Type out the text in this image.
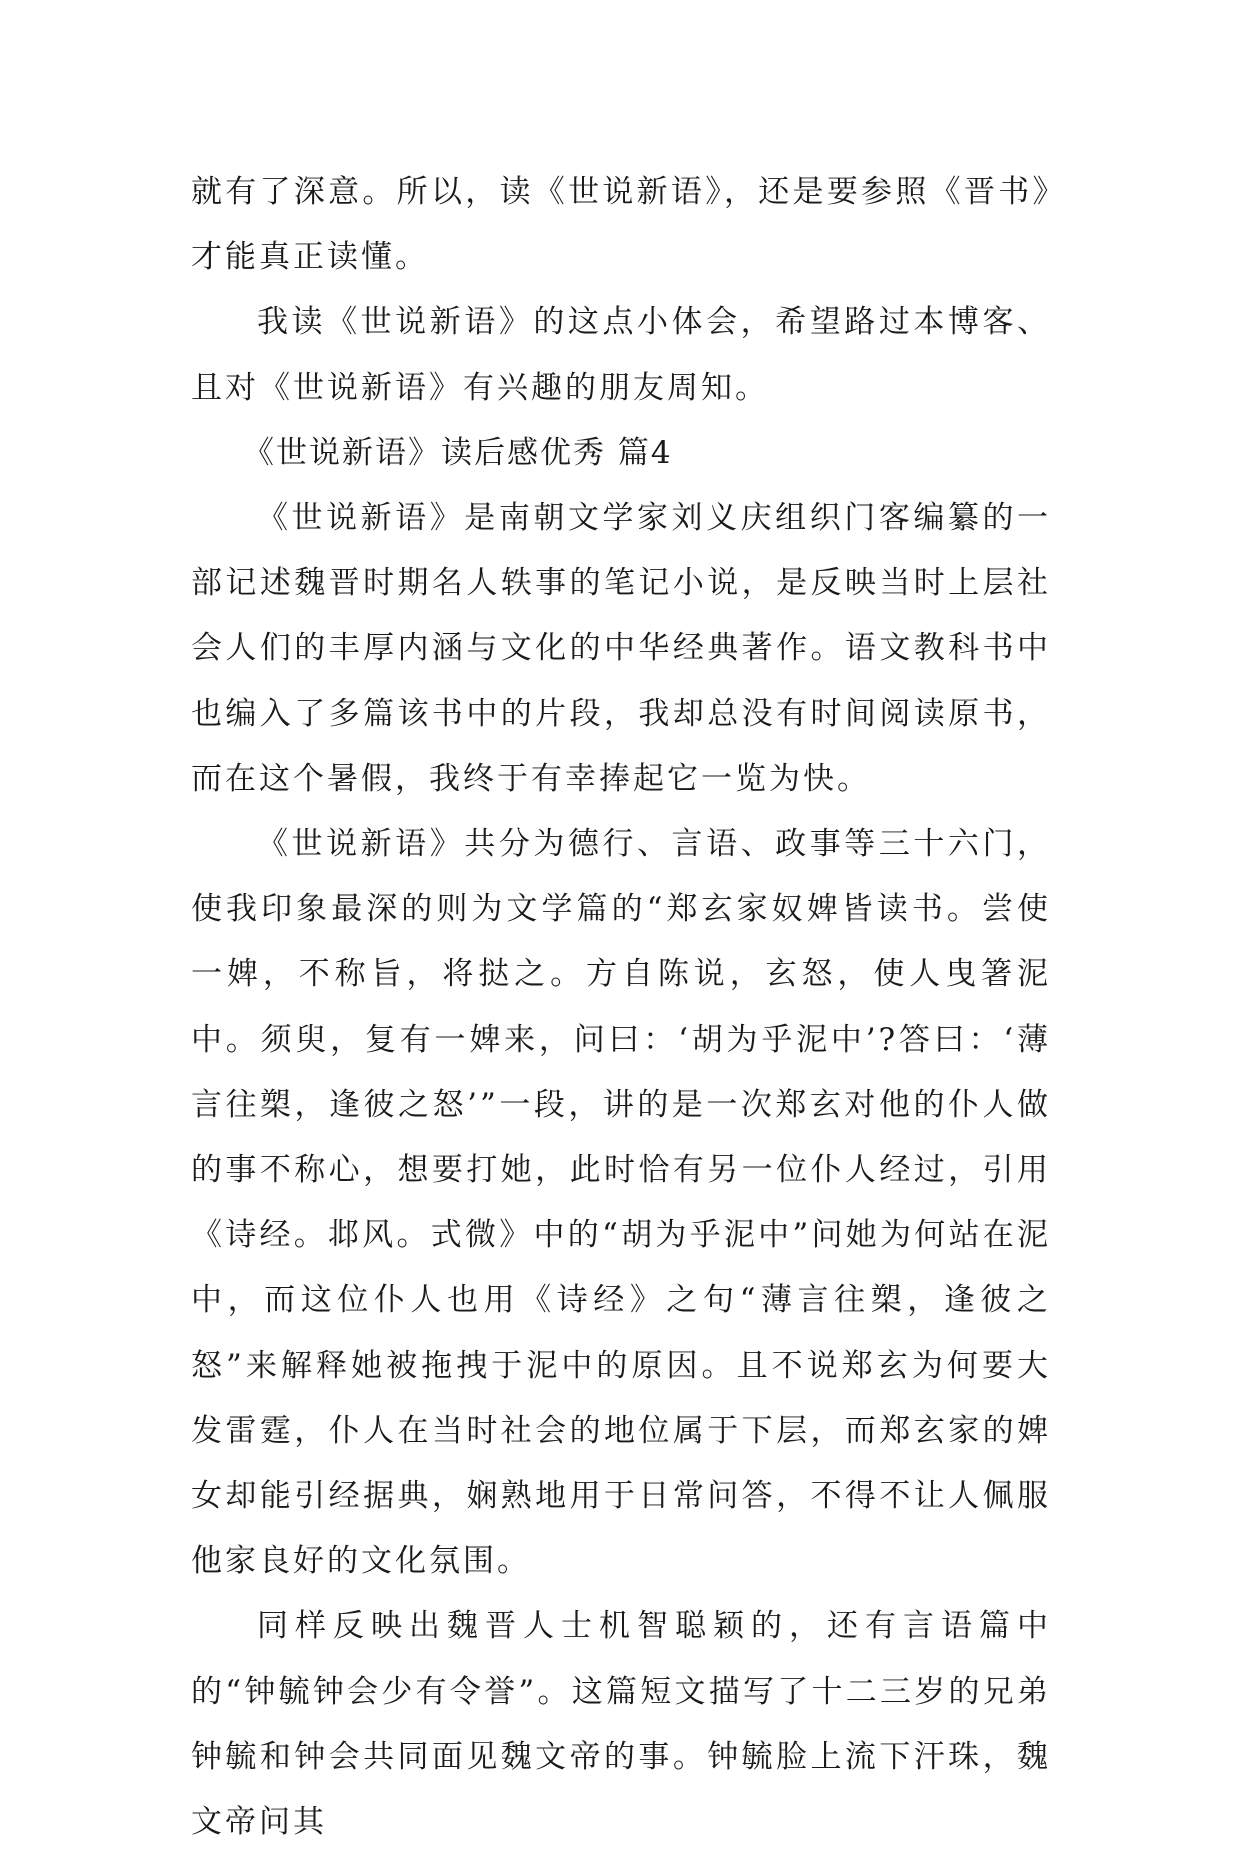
就有了深意。所以，读《世说新语》，还是要参照《晋书》才能真正读懂。

我读《世说新语》的这点小体会，希望路过本博客、且对《世说新语》有兴趣的朋友周知。

《世说新语》读后感优秀 篇4

《世说新语》是南朝文学家刘义庆组织门客编纂的一部记述魏晋时期名人轶事的笔记小说，是反映当时上层社会人们的丰厚内涵与文化的中华经典著作。语文教科书中也编入了多篇该书中的片段，我却总没有时间阅读原书，而在这个暑假，我终于有幸捧起它一览为快。

《世说新语》共分为德行、言语、政事等三十六门，使我印象最深的则为文学篇的“郑玄家奴婢皆读书。尝使一婢，不称旨，将挞之。方自陈说，玄怒，使人曳箸泥中。须臾，复有一婢来，问曰：‘胡为乎泥中’?答曰：‘薄言往槊，逢彼之怒’”一段，讲的是一次郑玄对他的仆人做的事不称心，想要打她，此时恰有另一位仆人经过，引用《诗经。邶风。式微》中的“胡为乎泥中”问她为何站在泥中，而这位仆人也用《诗经》之句“薄言往槊，逢彼之怒”来解释她被拖拽于泥中的原因。且不说郑玄为何要大发雷霆，仆人在当时社会的地位属于下层，而郑玄家的婢女却能引经据典，娴熟地用于日常问答，不得不让人佩服他家良好的文化氛围。

同样反映出魏晋人士机智聪颖的，还有言语篇中的“钟毓钟会少有令誉”。这篇短文描写了十二三岁的兄弟钟毓和钟会共同面见魏文帝的事。钟毓脸上流下汗珠，魏文帝问其
